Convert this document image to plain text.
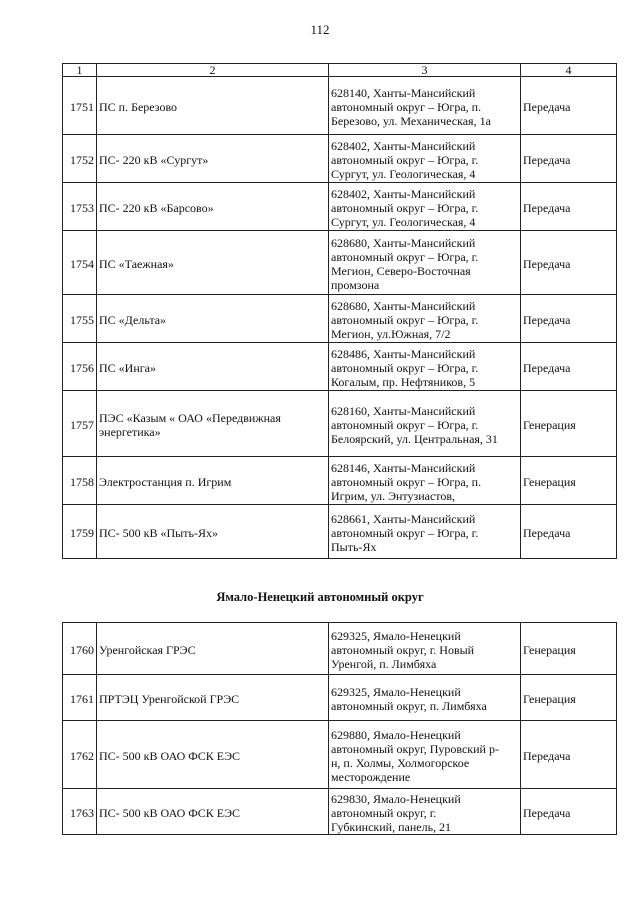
112
1	2	3	4
1751	ПС п. Березово	628140, Ханты-Мансийский
автономный округ – Югра, п.
Березово, ул. Механическая, 1а	Передача
1752	ПС- 220 кВ «Сургут»	628402, Ханты-Мансийский
автономный округ – Югра, г.
Сургут, ул. Геологическая, 4	Передача
1753	ПС- 220 кВ «Барсово»	628402, Ханты-Мансийский
автономный округ – Югра, г.
Сургут, ул. Геологическая, 4	Передача
1754	ПС «Таежная»	628680, Ханты-Мансийский
автономный округ – Югра, г.
Мегион, Северо-Восточная
промзона	Передача
1755	ПС «Дельта»	628680, Ханты-Мансийский
автономный округ – Югра, г.
Мегион, ул.Южная, 7/2	Передача
1756	ПС «Инга»	628486, Ханты-Мансийский
автономный округ – Югра, г.
Когалым, пр. Нефтяников, 5	Передача
1757	ПЭС «Казым « ОАО «Передвижная энергетика»	628160, Ханты-Мансийский
автономный округ – Югра, г.
Белоярский, ул. Центральная, 31	Генерация
1758	Электростанция п. Игрим	628146, Ханты-Мансийский
автономный округ – Югра, п.
Игрим, ул. Энтузиастов,	Генерация
1759	ПС- 500 кВ «Пыть-Ях»	628661, Ханты-Мансийский
автономный округ – Югра, г.
Пыть-Ях	Передача
Ямало-Ненецкий автономный округ
1760	Уренгойская ГРЭС	629325, Ямало-Ненецкий
автономный округ, г. Новый
Уренгой, п. Лимбяха	Генерация
1761	ПРТЭЦ Уренгойской ГРЭС	629325, Ямало-Ненецкий
автономный округ, п. Лимбяха	Генерация
1762	ПС- 500 кВ ОАО ФСК ЕЭС	629880, Ямало-Ненецкий
автономный округ, Пуровский р-
н, п. Холмы, Холмогорское
месторождение	Передача
1763	ПС- 500 кВ ОАО ФСК ЕЭС	629830, Ямало-Ненецкий
автономный округ, г.
Губкинский, панель, 21	Передача
